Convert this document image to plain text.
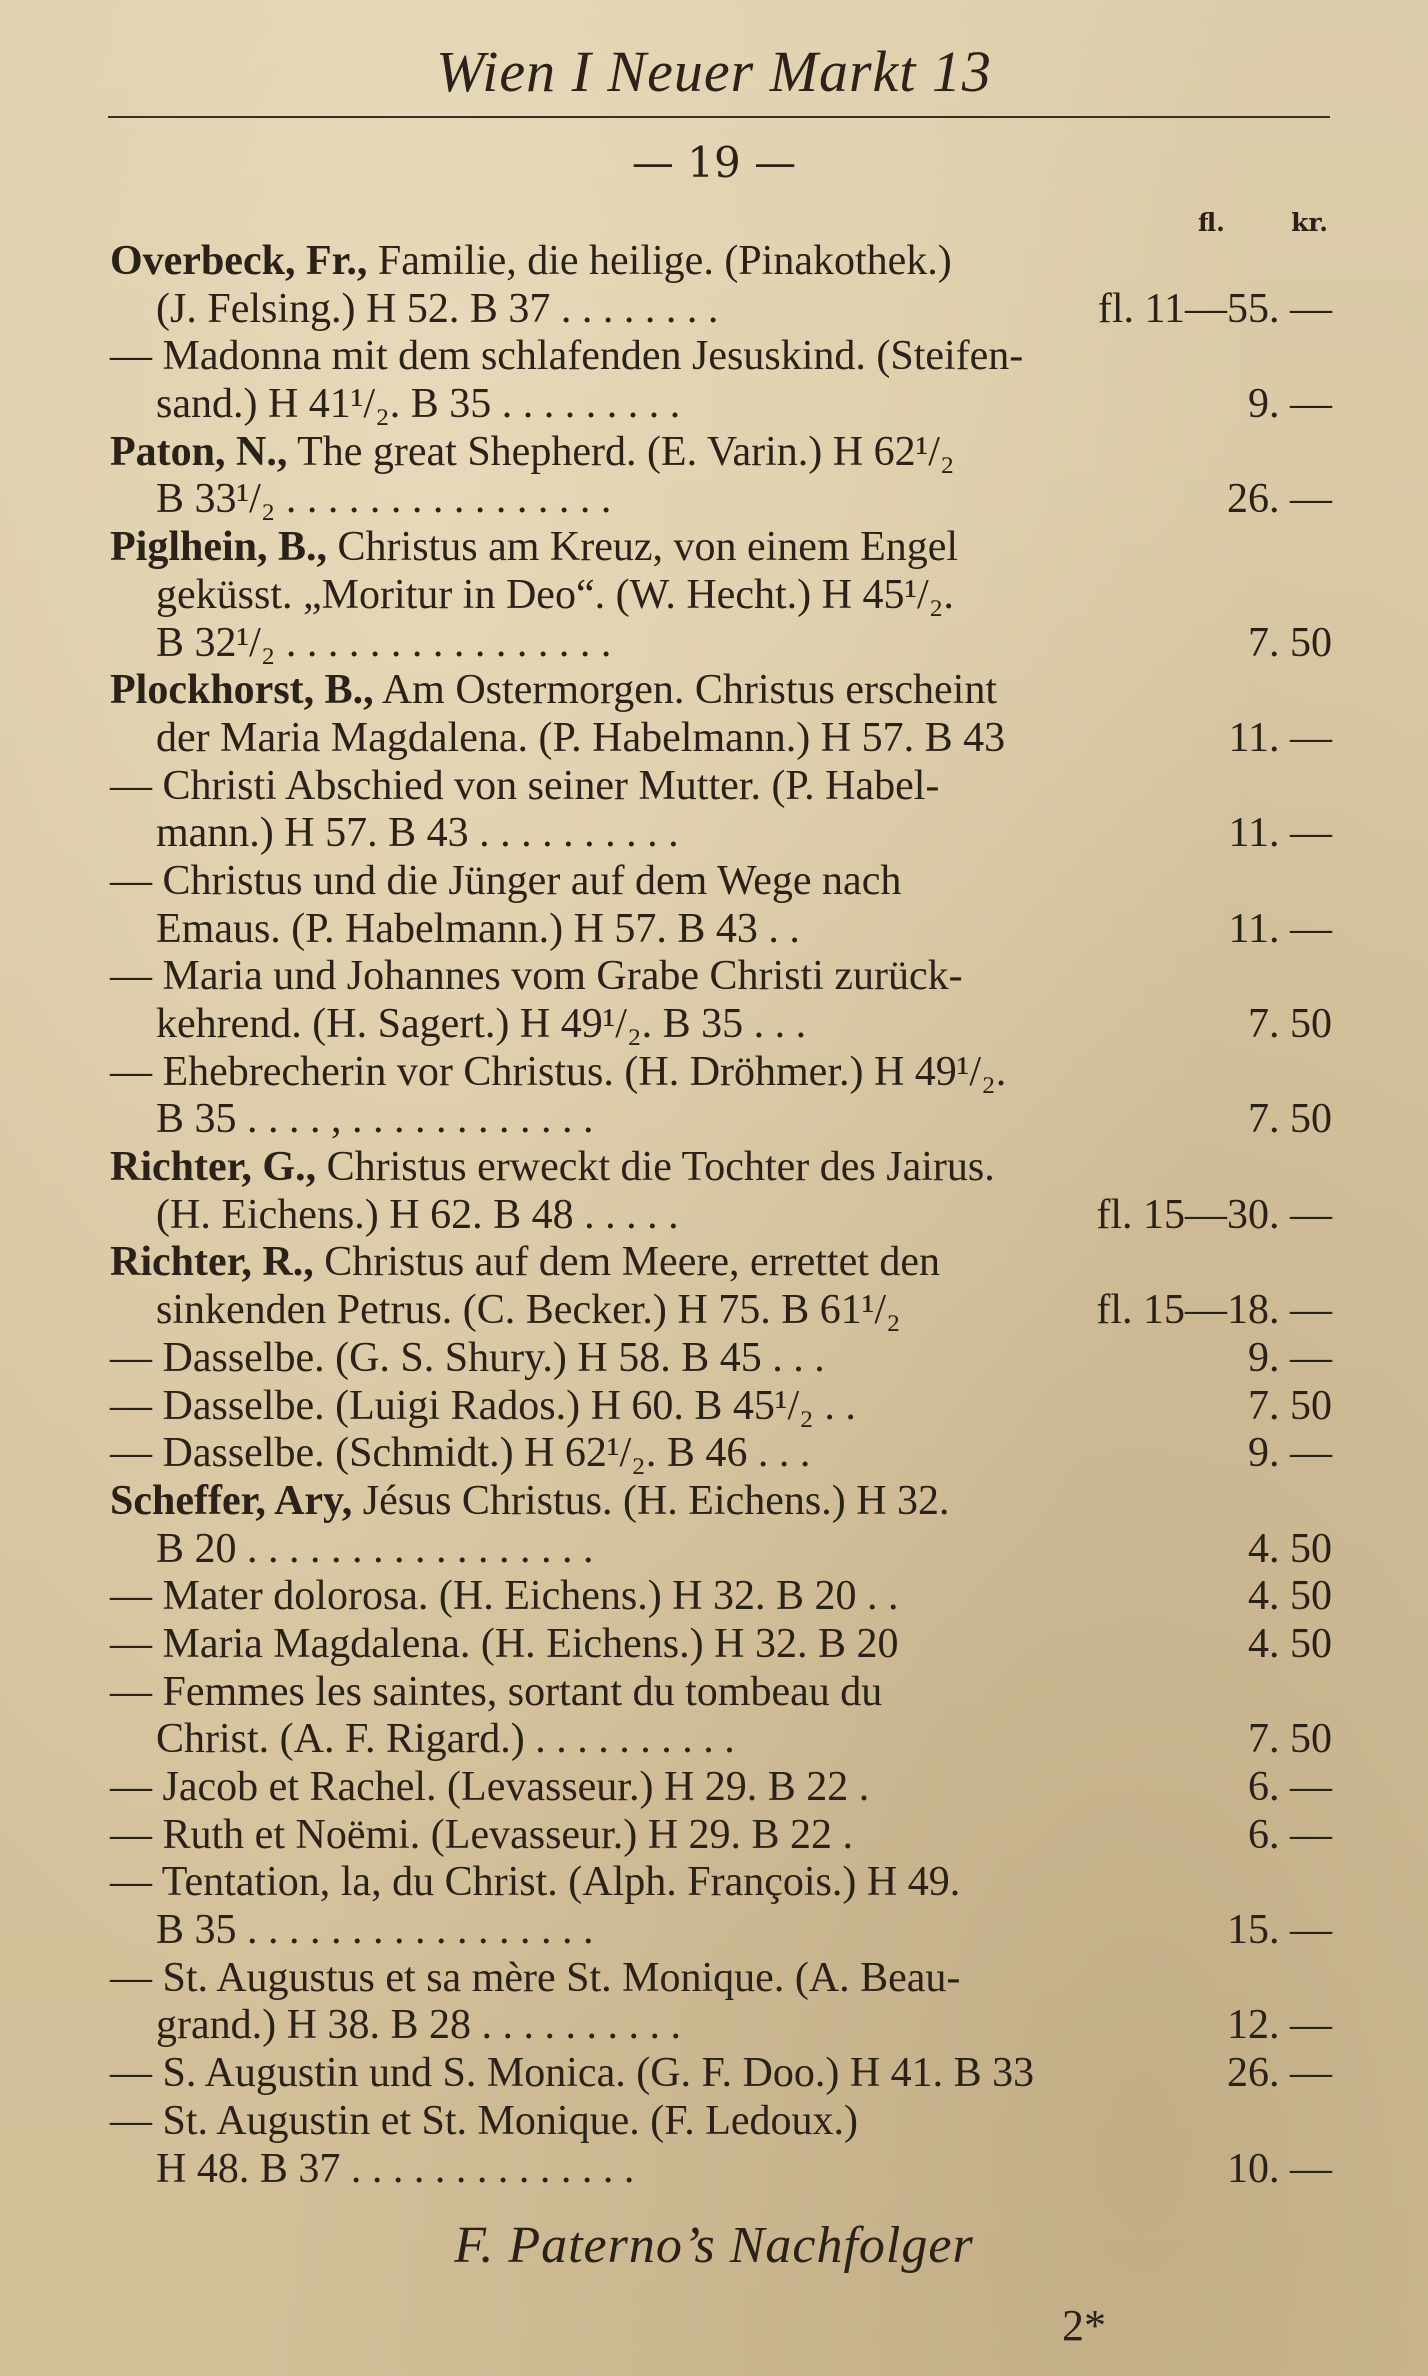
Wien I Neuer Markt 13
— 19 —
fl.	kr.
Overbeck, Fr., Familie, die heilige. (Pinakothek.)
(J. Felsing.) H 52. B 37 . . . . . . . .	fl. 11—55. —
— Madonna mit dem schlafenden Jesuskind. (Steifen-
sand.) H 41¹/₂. B 35 . . . . . . . . .	9. —
Paton, N., The great Shepherd. (E. Varin.) H 62¹/₂
B 33¹/₂ . . . . . . . . . . . . . . . .	26. —
Piglhein, B., Christus am Kreuz, von einem Engel
geküsst. „Moritur in Deo“. (W. Hecht.) H 45¹/₂.
B 32¹/₂ . . . . . . . . . . . . . . . .	7. 50
Plockhorst, B., Am Ostermorgen. Christus erscheint
der Maria Magdalena. (P. Habelmann.) H 57. B 43	11. —
— Christi Abschied von seiner Mutter. (P. Habel-
mann.) H 57. B 43 . . . . . . . . . .	11. —
— Christus und die Jünger auf dem Wege nach
Emaus. (P. Habelmann.) H 57. B 43 . .	11. —
— Maria und Johannes vom Grabe Christi zurück-
kehrend. (H. Sagert.) H 49¹/₂. B 35 . . .	7. 50
— Ehebrecherin vor Christus. (H. Dröhmer.) H 49¹/₂.
B 35 . . . . , . . . . . . . . . . . .	7. 50
Richter, G., Christus erweckt die Tochter des Jairus.
(H. Eichens.) H 62. B 48 . . . . .	fl. 15—30. —
Richter, R., Christus auf dem Meere, errettet den
sinkenden Petrus. (C. Becker.) H 75. B 61¹/₂	fl. 15—18. —
— Dasselbe. (G. S. Shury.) H 58. B 45 . . .	9. —
— Dasselbe. (Luigi Rados.) H 60. B 45¹/₂ . .	7. 50
— Dasselbe. (Schmidt.) H 62¹/₂. B 46 . . .	9. —
Scheffer, Ary, Jésus Christus. (H. Eichens.) H 32.
B 20 . . . . . . . . . . . . . . . . .	4. 50
— Mater dolorosa. (H. Eichens.) H 32. B 20 . .	4. 50
— Maria Magdalena. (H. Eichens.) H 32. B 20	4. 50
— Femmes les saintes, sortant du tombeau du
Christ. (A. F. Rigard.) . . . . . . . . . .	7. 50
— Jacob et Rachel. (Levasseur.) H 29. B 22 .	6. —
— Ruth et Noëmi. (Levasseur.) H 29. B 22 .	6. —
— Tentation, la, du Christ. (Alph. François.) H 49.
B 35 . . . . . . . . . . . . . . . . .	15. —
— St. Augustus et sa mère St. Monique. (A. Beau-
grand.) H 38. B 28 . . . . . . . . . .	12. —
— S. Augustin und S. Monica. (G. F. Doo.) H 41. B 33	26. —
— St. Augustin et St. Monique. (F. Ledoux.)
H 48. B 37 . . . . . . . . . . . . . .	10. —
F. Paterno’s Nachfolger
2*
